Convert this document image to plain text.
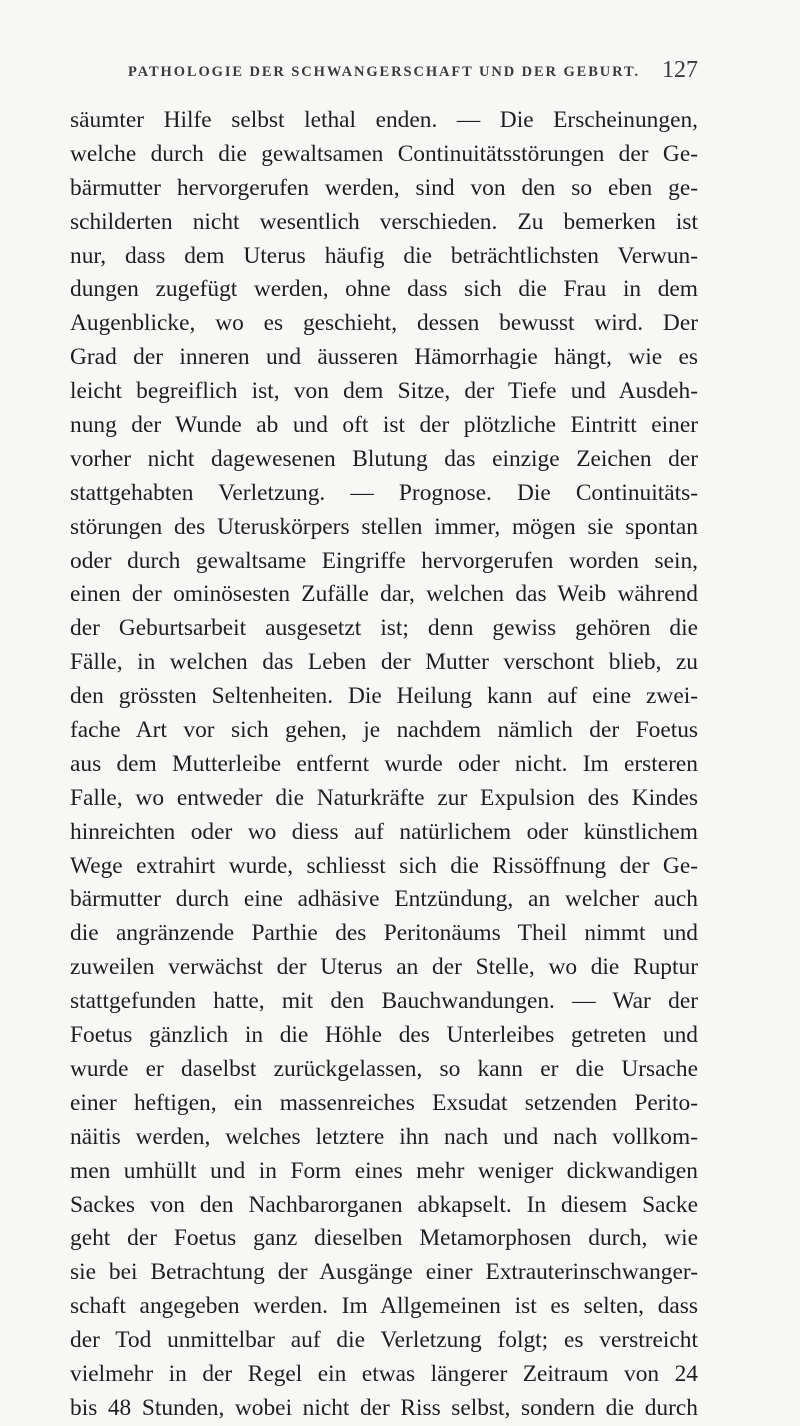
PATHOLOGIE DER SCHWANGERSCHAFT UND DER GEBURT. 127
säumter Hilfe selbst lethal enden. — Die Erscheinungen,
welche durch die gewaltsamen Continuitätsstörungen der Ge-
bärmutter hervorgerufen werden, sind von den so eben ge-
schilderten nicht wesentlich verschieden. Zu bemerken ist
nur, dass dem Uterus häufig die beträchtlichsten Verwun-
dungen zugefügt werden, ohne dass sich die Frau in dem
Augenblicke, wo es geschieht, dessen bewusst wird. Der
Grad der inneren und äusseren Hämorrhagie hängt, wie es
leicht begreiflich ist, von dem Sitze, der Tiefe und Ausdeh-
nung der Wunde ab und oft ist der plötzliche Eintritt einer
vorher nicht dagewesenen Blutung das einzige Zeichen der
stattgehabten Verletzung. — Prognose. Die Continuitäts-
störungen des Uteruskörpers stellen immer, mögen sie spontan
oder durch gewaltsame Eingriffe hervorgerufen worden sein,
einen der ominösesten Zufälle dar, welchen das Weib während
der Geburtsarbeit ausgesetzt ist; denn gewiss gehören die
Fälle, in welchen das Leben der Mutter verschont blieb, zu
den grössten Seltenheiten. Die Heilung kann auf eine zwei-
fache Art vor sich gehen, je nachdem nämlich der Foetus
aus dem Mutterleibe entfernt wurde oder nicht. Im ersteren
Falle, wo entweder die Naturkräfte zur Expulsion des Kindes
hinreichten oder wo diess auf natürlichem oder künstlichem
Wege extrahirt wurde, schliesst sich die Rissöffnung der Ge-
bärmutter durch eine adhäsive Entzündung, an welcher auch
die angränzende Parthie des Peritonäums Theil nimmt und
zuweilen verwächst der Uterus an der Stelle, wo die Ruptur
stattgefunden hatte, mit den Bauchwandungen. — War der
Foetus gänzlich in die Höhle des Unterleibes getreten und
wurde er daselbst zurückgelassen, so kann er die Ursache
einer heftigen, ein massenreiches Exsudat setzenden Perito-
näitis werden, welches letztere ihn nach und nach vollkom-
men umhüllt und in Form eines mehr weniger dickwandigen
Sackes von den Nachbarorganen abkapselt. In diesem Sacke
geht der Foetus ganz dieselben Metamorphosen durch, wie
sie bei Betrachtung der Ausgänge einer Extrauterinschwanger-
schaft angegeben werden. Im Allgemeinen ist es selten, dass
der Tod unmittelbar auf die Verletzung folgt; es verstreicht
vielmehr in der Regel ein etwas längerer Zeitraum von 24
bis 48 Stunden, wobei nicht der Riss selbst, sondern die durch
